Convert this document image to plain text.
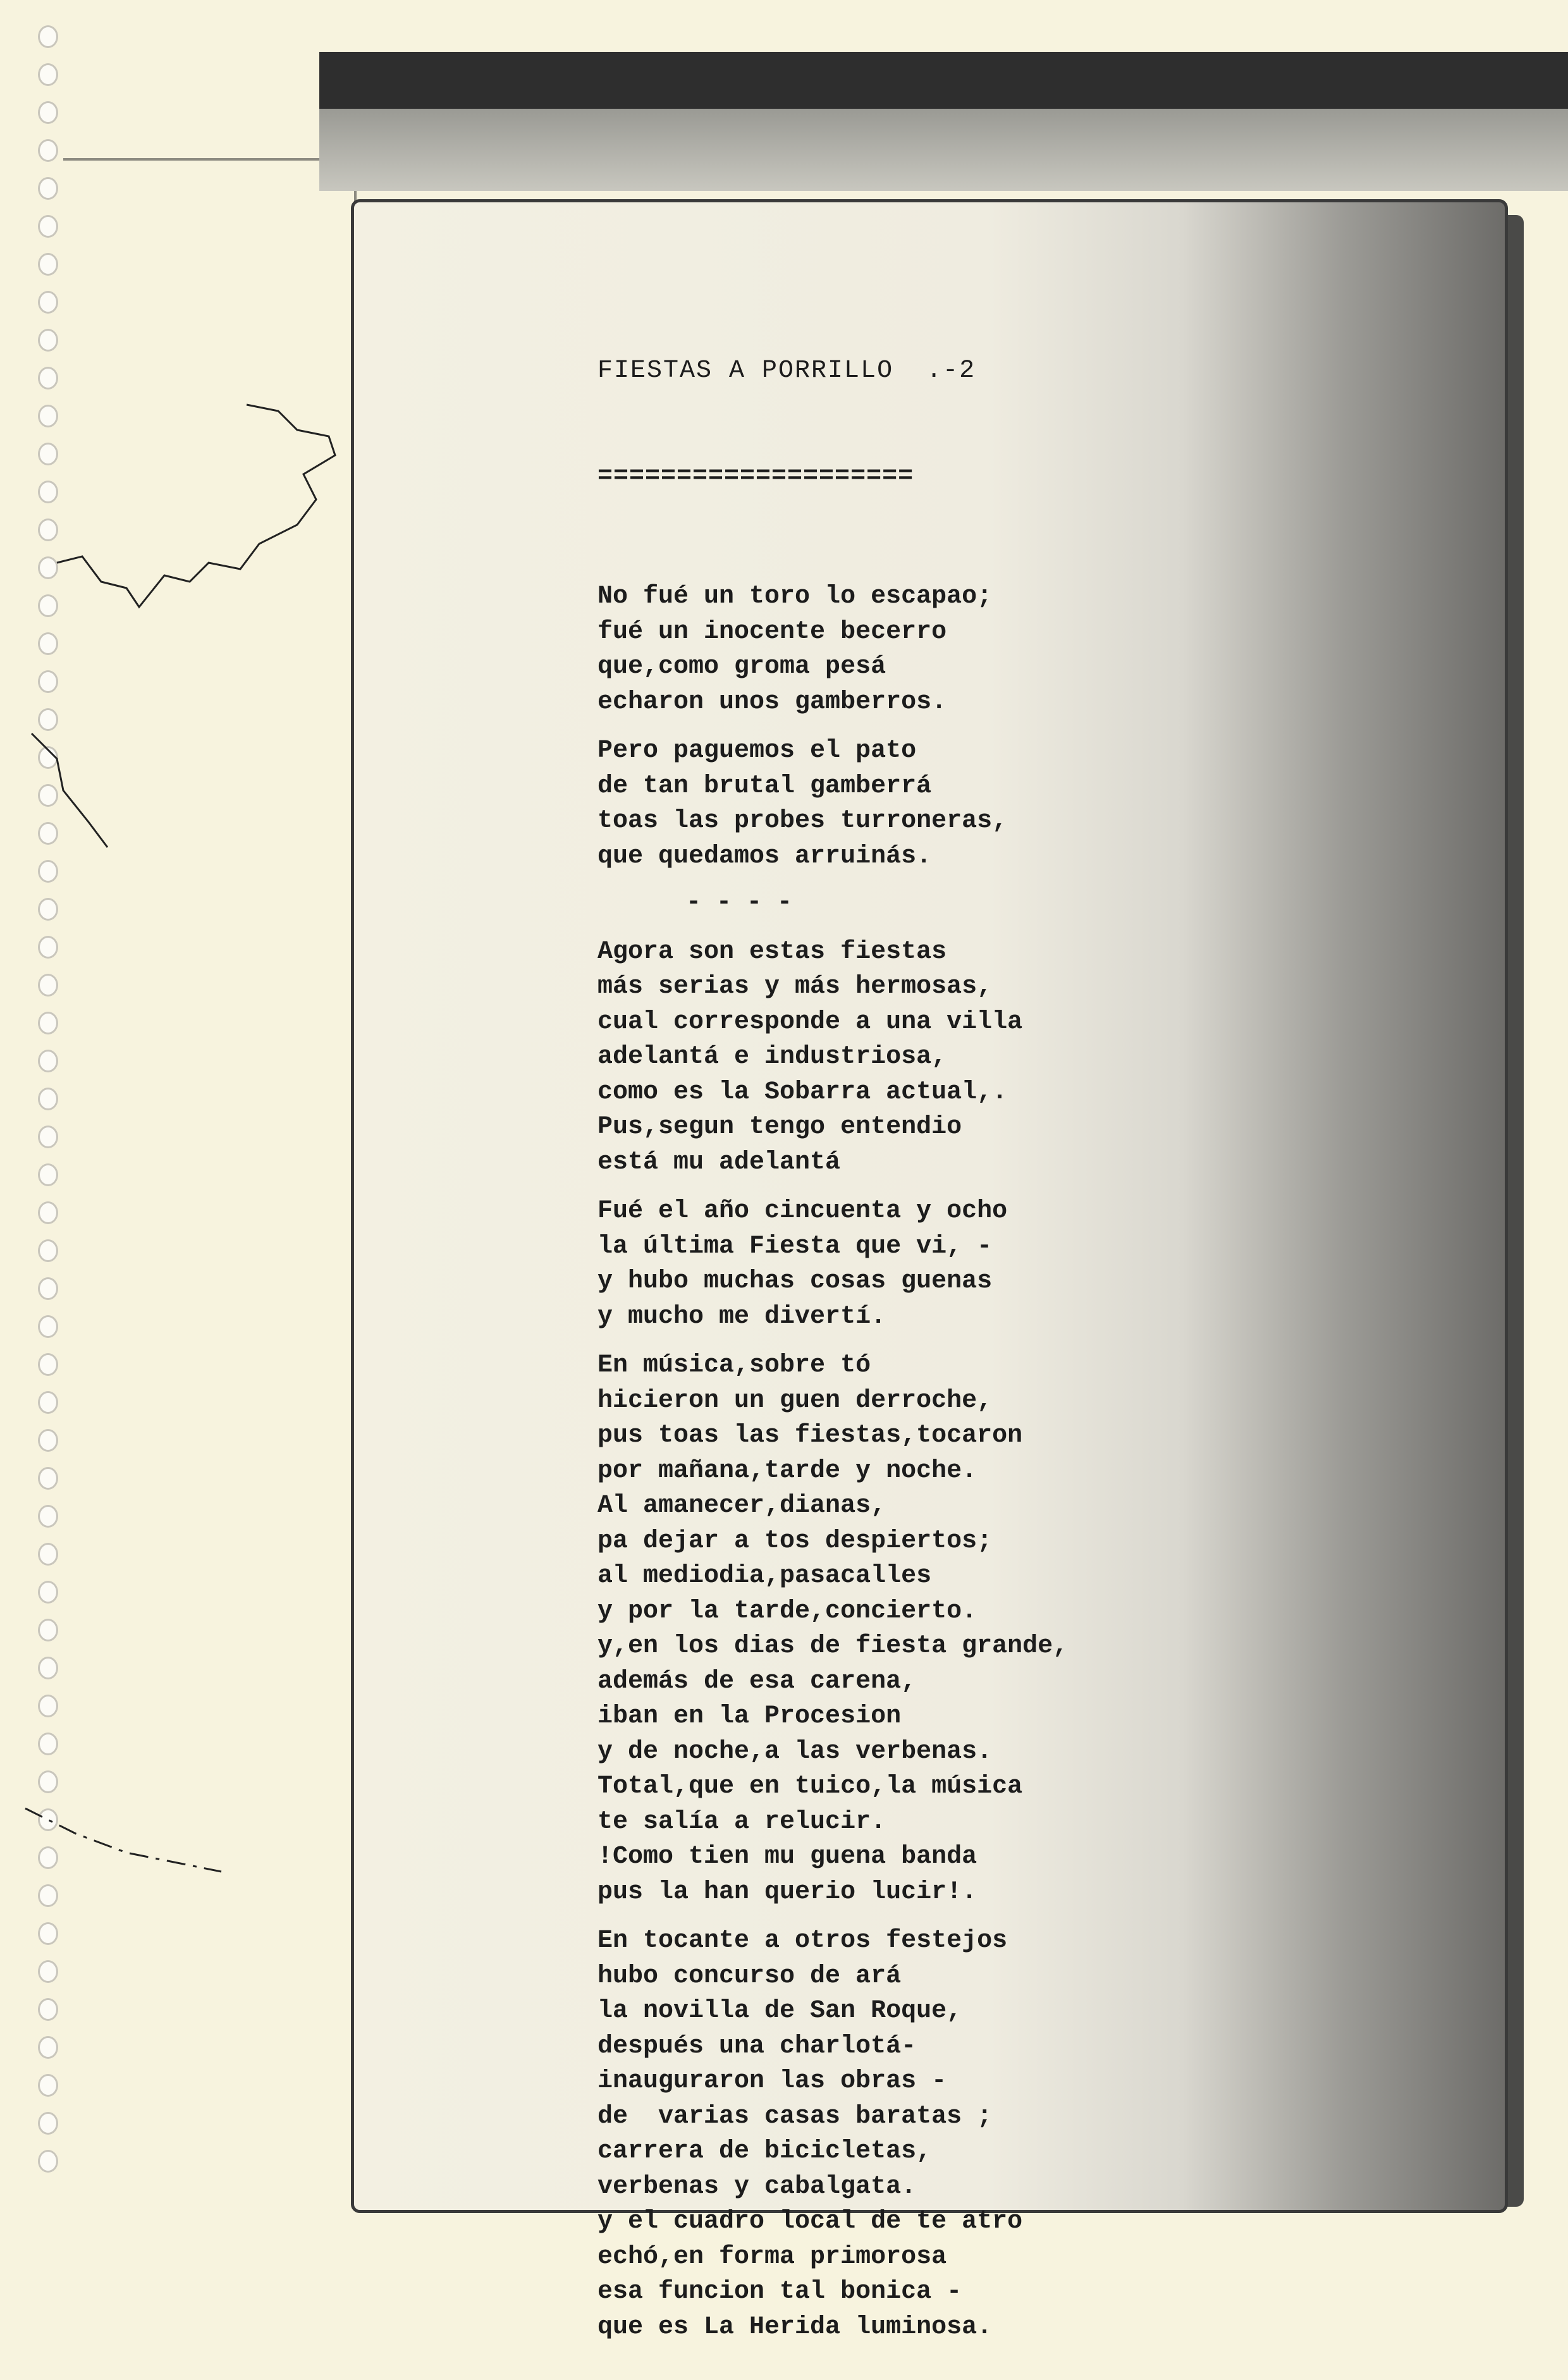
FIESTAS A PORRILLO  .-2

====================

No fué un toro lo escapao;
fué un inocente becerro
que,como groma pesá
echaron unos gamberros.
Pero paguemos el pato
de tan brutal gamberrá
toas las probes turroneras,
que quedamos arruinás.
- - - -
Agora son estas fiestas
más serias y más hermosas,
cual corresponde a una villa
adelantá e industriosa,
como es la Sobarra actual,.
Pus,segun tengo entendio
está mu adelantá
Fué el año cincuenta y ocho
la última Fiesta que vi, -
y hubo muchas cosas guenas
y mucho me divertí.
En música,sobre tó
hicieron un guen derroche,
pus toas las fiestas,tocaron
por mañana,tarde y noche.
Al amanecer,dianas,
pa dejar a tos despiertos;
al mediodia,pasacalles
y por la tarde,concierto.
y,en los dias de fiesta grande,
además de esa carena,
iban en la Procesion
y de noche,a las verbenas.
Total,que en tuico,la música
te salía a relucir.
!Como tien mu guena banda
pus la han querio lucir!.
En tocante a otros festejos
hubo concurso de ará
la novilla de San Roque,
después una charlotá-
inauguraron las obras -
de  varias casas baratas ;
carrera de bicicletas,
verbenas y cabalgata.
y el cuadro local de te atro
echó,en forma primorosa
esa funcion tal bonica -
que es La Herida luminosa.
